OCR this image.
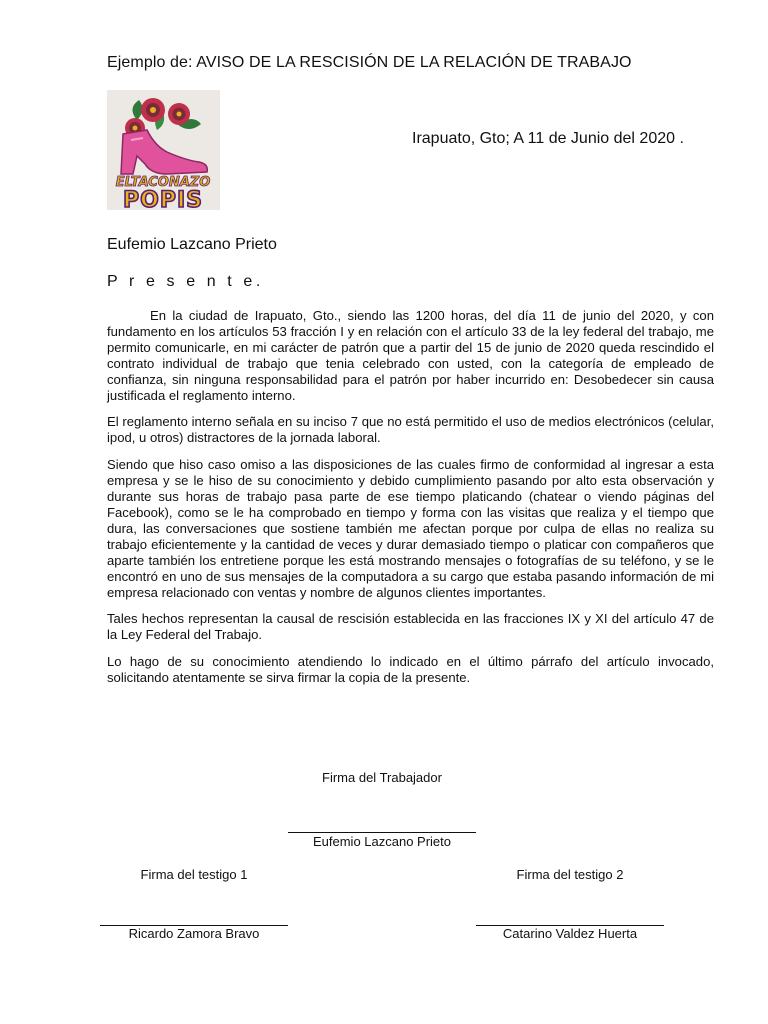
Ejemplo de: AVISO DE LA RESCISIÓN DE LA RELACIÓN DE TRABAJO
ELTACONAZO
POPIS
Irapuato, Gto; A 11 de Junio del 2020 .
Eufemio Lazcano Prieto
P r e s e n t e.

En la ciudad de Irapuato, Gto., siendo las 1200 horas, del día 11 de junio del 2020, y con fundamento en los artículos 53 fracción I y en relación con el artículo 33 de la ley federal del trabajo, me permito comunicarle, en mi carácter de patrón que a partir del 15 de junio de 2020 queda rescindido el contrato individual de trabajo que tenia celebrado con usted, con la categoría de empleado de confianza, sin ninguna responsabilidad para el patrón por haber incurrido en: Desobedecer sin causa justificada el reglamento interno.

El reglamento interno señala en su inciso 7 que no está permitido el uso de medios electrónicos (celular, ipod, u otros) distractores de la jornada laboral.

Siendo que hiso caso omiso a las disposiciones de las cuales firmo de conformidad al ingresar a esta empresa y se le hiso de su conocimiento y debido cumplimiento pasando por alto esta observación y durante sus horas de trabajo pasa parte de ese tiempo platicando (chatear o viendo páginas del Facebook), como se le ha comprobado en tiempo y forma con las visitas que realiza y el tiempo que dura, las conversaciones que sostiene también me afectan porque por culpa de ellas no realiza su trabajo eficientemente y la cantidad de veces y durar demasiado tiempo o platicar con compañeros que aparte también los entretiene porque les está mostrando mensajes o fotografías de su teléfono, y se le encontró en uno de sus mensajes de la computadora a su cargo que estaba pasando información de mi empresa relacionado con ventas y nombre de algunos clientes importantes.

Tales hechos representan la causal de rescisión establecida en las fracciones IX y XI del artículo 47 de la Ley Federal del Trabajo.

Lo hago de su conocimiento atendiendo lo indicado en el último párrafo del artículo invocado, solicitando atentamente se sirva firmar la copia de la presente.

Firma del Trabajador
Eufemio Lazcano Prieto
Firma del testigo 1
Ricardo Zamora Bravo
Firma del testigo 2
Catarino Valdez Huerta
